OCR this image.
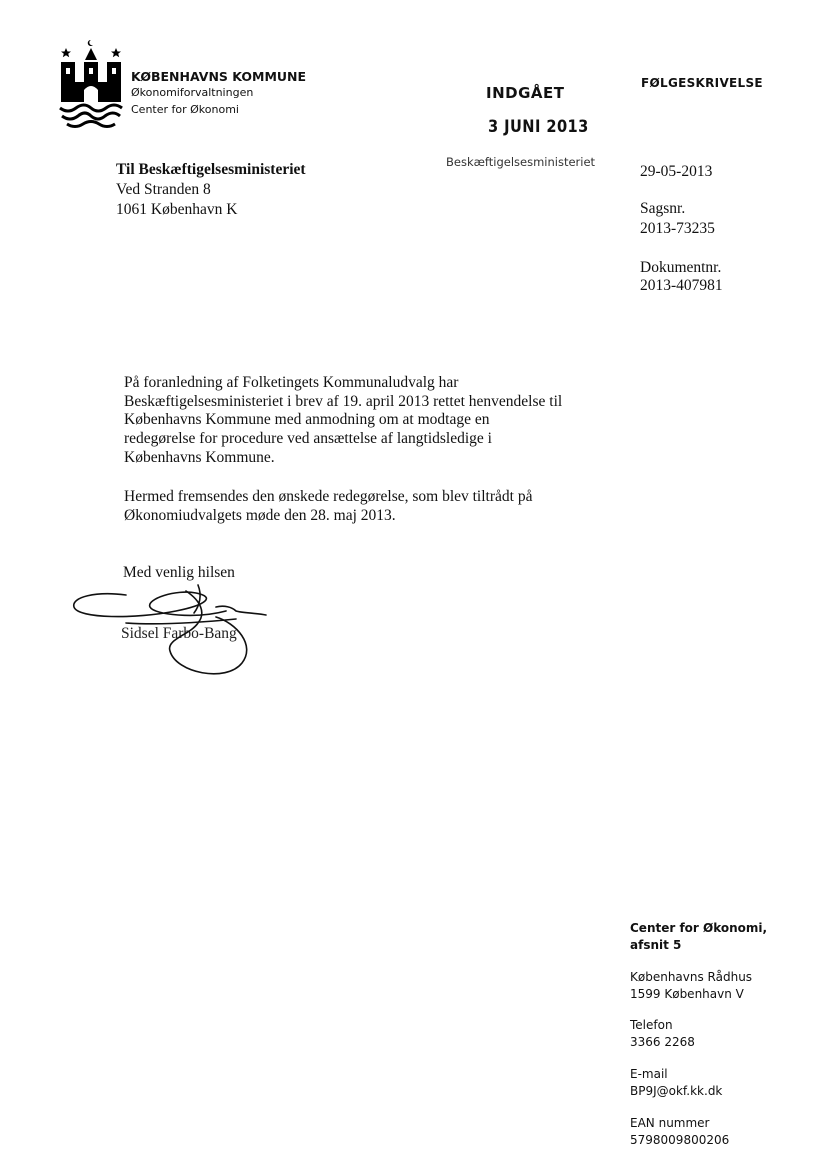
KØBENHAVNS KOMMUNE
Økonomiforvaltningen
Center for Økonomi
INDGÅET
3 JUNI 2013
Beskæftigelsesministeriet
FØLGESKRIVELSE
Til Beskæftigelsesministeriet
Ved Stranden 8
1061 København K
29-05-2013
Sagsnr.
2013-73235
Dokumentnr.
2013-407981
På foranledning af Folketingets Kommunaludvalg har
Beskæftigelsesministeriet i brev af 19. april 2013 rettet henvendelse til
Københavns Kommune med anmodning om at modtage en
redegørelse for procedure ved ansættelse af langtidsledige i
Københavns Kommune.
Hermed fremsendes den ønskede redegørelse, som blev tiltrådt på
Økonomiudvalgets møde den 28. maj 2013.
Med venlig hilsen
Sidsel Farbo-Bang
Center for Økonomi,
afsnit 5
Københavns Rådhus
1599 København V
Telefon
3366 2268
E-mail
BP9J@okf.kk.dk
EAN nummer
5798009800206
